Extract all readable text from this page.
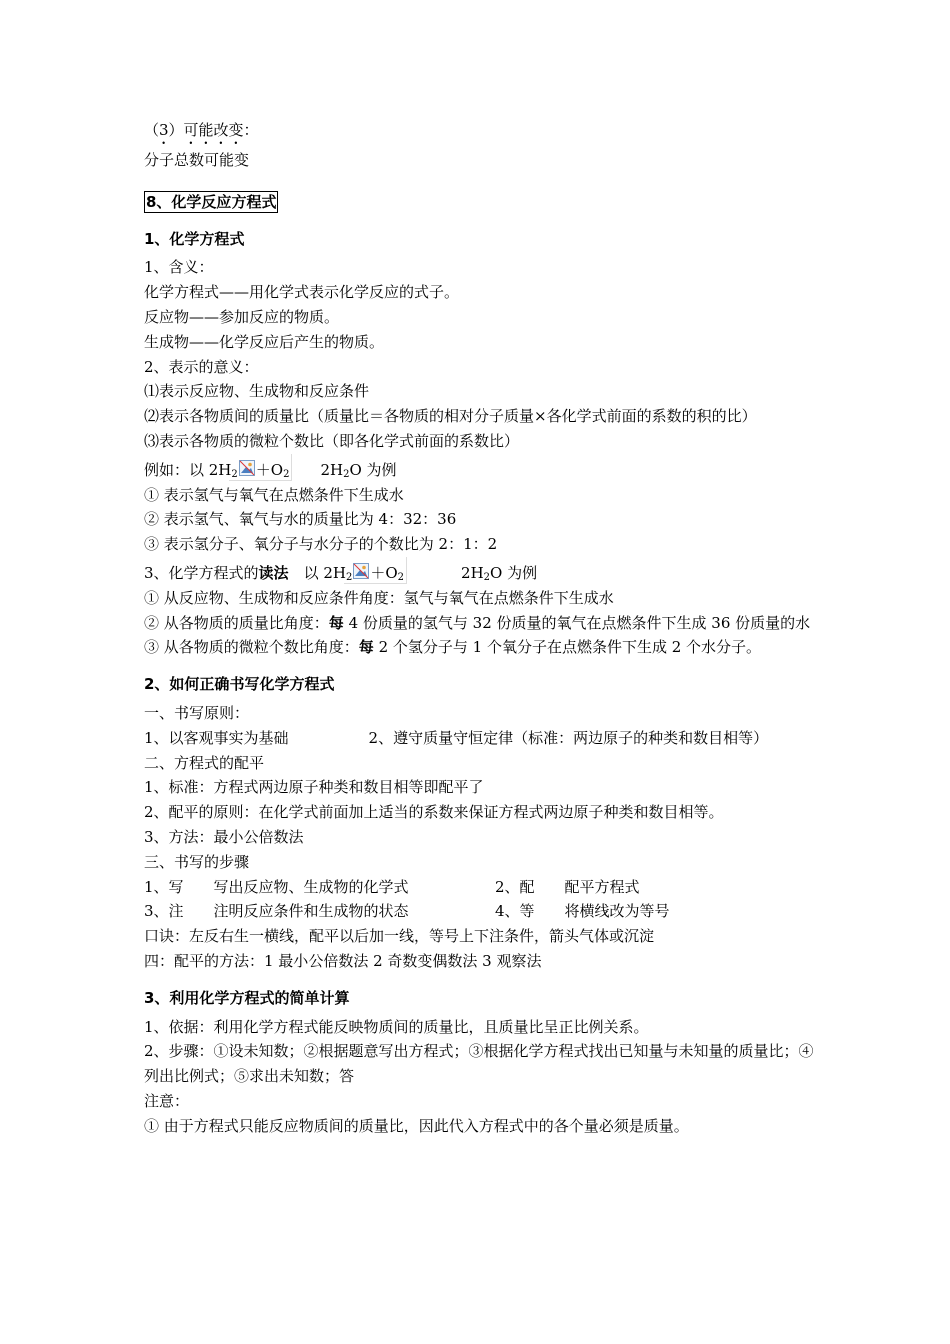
（3）可能改变：
分子总数可能变
8、化学反应方程式
1、化学方程式
1、含义：
化学方程式——用化学式表示化学反应的式子。
反应物——参加反应的物质。
生成物——化学反应后产生的物质。
2、表示的意义：
⑴表示反应物、生成物和反应条件
⑵表示各物质间的质量比（质量比＝各物质的相对分子质量×各化学式前面的系数的积的比）
⑶表示各物质的微粒个数比（即各化学式前面的系数比）
例如：以 $2H_2 +O_2$ $2H_2O$ 为例
① 表示氢气与氧气在点燃条件下生成水
② 表示氢气、氧气与水的质量比为 4：32：36
③ 表示氢分子、氧分子与水分子的个数比为 2：1：2
3、化学方程式的读法　以 $2H_2 +O_2$	$2H_2O$ 为例
① 从反应物、生成物和反应条件角度：氢气与氧气在点燃条件下生成水
② 从各物质的质量比角度：每 4 份质量的氢气与 32 份质量的氧气在点燃条件下生成 36 份质量的水
③ 从各物质的微粒个数比角度：每 2 个氢分子与 1 个氧分子在点燃条件下生成 2 个水分子。
2、如何正确书写化学方程式
一、书写原则：
1、以客观事实为基础	2、遵守质量守恒定律（标准：两边原子的种类和数目相等）
二、方程式的配平
1、标准：方程式两边原子种类和数目相等即配平了
2、配平的原则：在化学式前面加上适当的系数来保证方程式两边原子种类和数目相等。
3、方法：最小公倍数法
三、书写的步骤
1、写　　写出反应物、生成物的化学式	2、配　　配平方程式
3、注　　注明反应条件和生成物的状态	4、等　　将横线改为等号
口诀：左反右生一横线，配平以后加一线，等号上下注条件，箭头气体或沉淀
四：配平的方法：1 最小公倍数法 2 奇数变偶数法 3 观察法
3、利用化学方程式的简单计算
1、依据：利用化学方程式能反映物质间的质量比，且质量比呈正比例关系。
2、步骤：①设未知数；②根据题意写出方程式；③根据化学方程式找出已知量与未知量的质量比；④列出比例式；⑤求出未知数；答
注意：
① 由于方程式只能反应物质间的质量比，因此代入方程式中的各个量必须是质量。
